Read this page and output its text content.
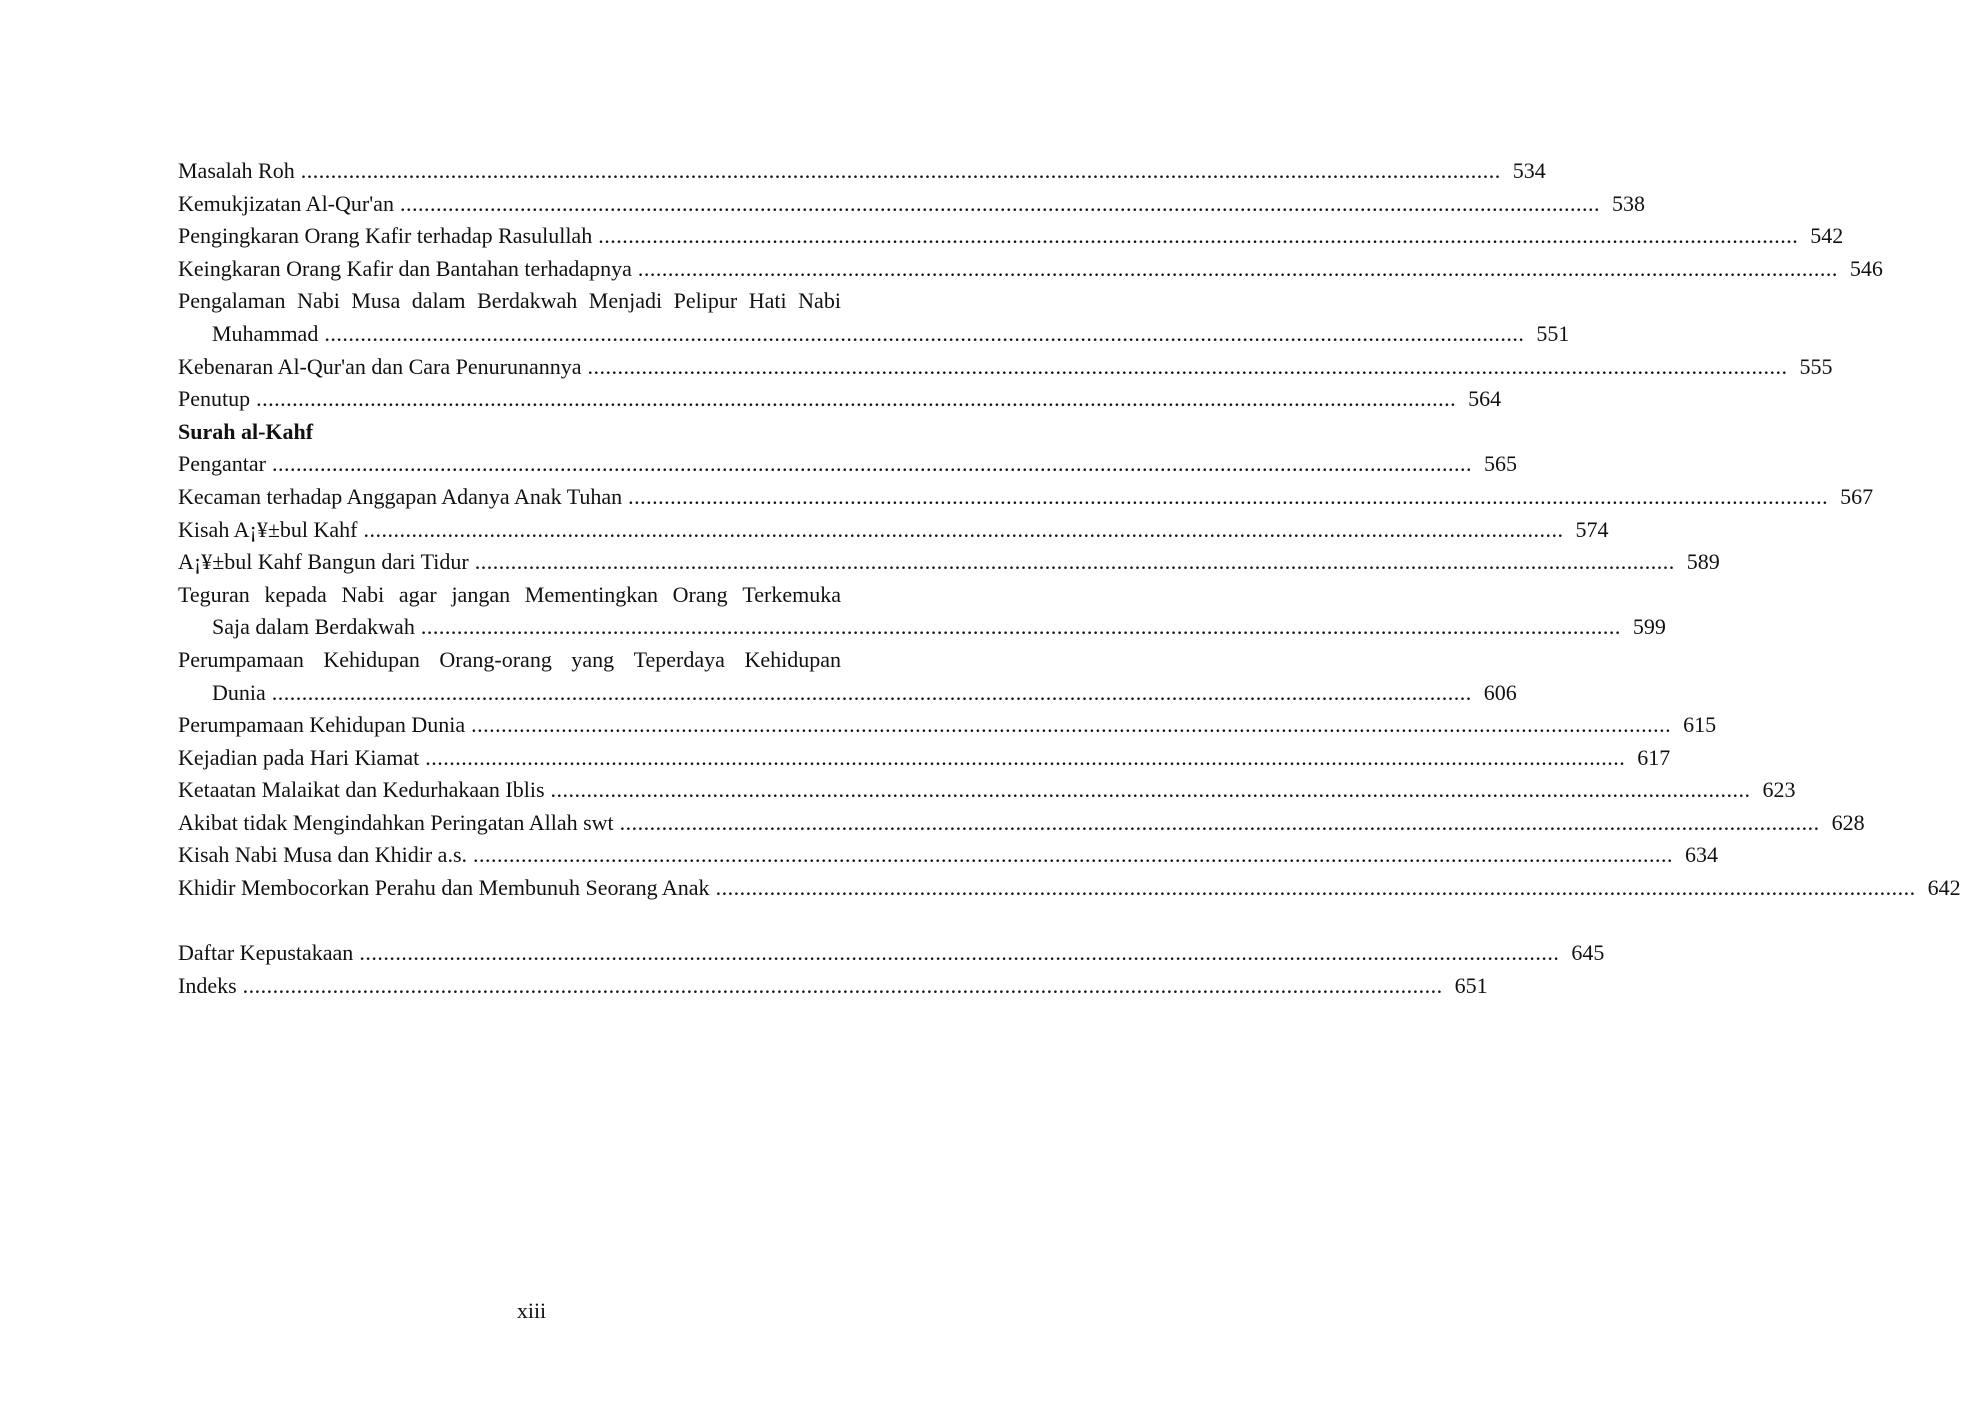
Masalah Roh ........................................................................................................................................................................................................ 534
Kemukjizatan Al-Qur'an ........................................................................................................................................................................................................ 538
Pengingkaran Orang Kafir terhadap Rasulullah ........................................................................................................................................................................................................ 542
Keingkaran Orang Kafir dan Bantahan terhadapnya ........................................................................................................................................................................................................ 546
Pengalaman Nabi Musa dalam Berdakwah Menjadi Pelipur Hati Nabi
Muhammad ........................................................................................................................................................................................................ 551
Kebenaran Al-Qur'an dan Cara Penurunannya ........................................................................................................................................................................................................ 555
Penutup ........................................................................................................................................................................................................ 564
Surah al-Kahf
Pengantar ........................................................................................................................................................................................................ 565
Kecaman terhadap Anggapan Adanya Anak Tuhan ........................................................................................................................................................................................................ 567
Kisah A¡¥±bul Kahf ........................................................................................................................................................................................................ 574
A¡¥±bul Kahf Bangun dari Tidur ........................................................................................................................................................................................................ 589
Teguran kepada Nabi agar jangan Mementingkan Orang Terkemuka
Saja dalam Berdakwah ........................................................................................................................................................................................................ 599
Perumpamaan Kehidupan Orang-orang yang Teperdaya Kehidupan
Dunia ........................................................................................................................................................................................................ 606
Perumpamaan Kehidupan Dunia ........................................................................................................................................................................................................ 615
Kejadian pada Hari Kiamat ........................................................................................................................................................................................................ 617
Ketaatan Malaikat dan Kedurhakaan Iblis ........................................................................................................................................................................................................ 623
Akibat tidak Mengindahkan Peringatan Allah swt ........................................................................................................................................................................................................ 628
Kisah Nabi Musa dan Khidir a.s. ........................................................................................................................................................................................................ 634
Khidir Membocorkan Perahu dan Membunuh Seorang Anak ........................................................................................................................................................................................................ 642
Daftar Kepustakaan ........................................................................................................................................................................................................ 645
Indeks ........................................................................................................................................................................................................ 651
xiii
